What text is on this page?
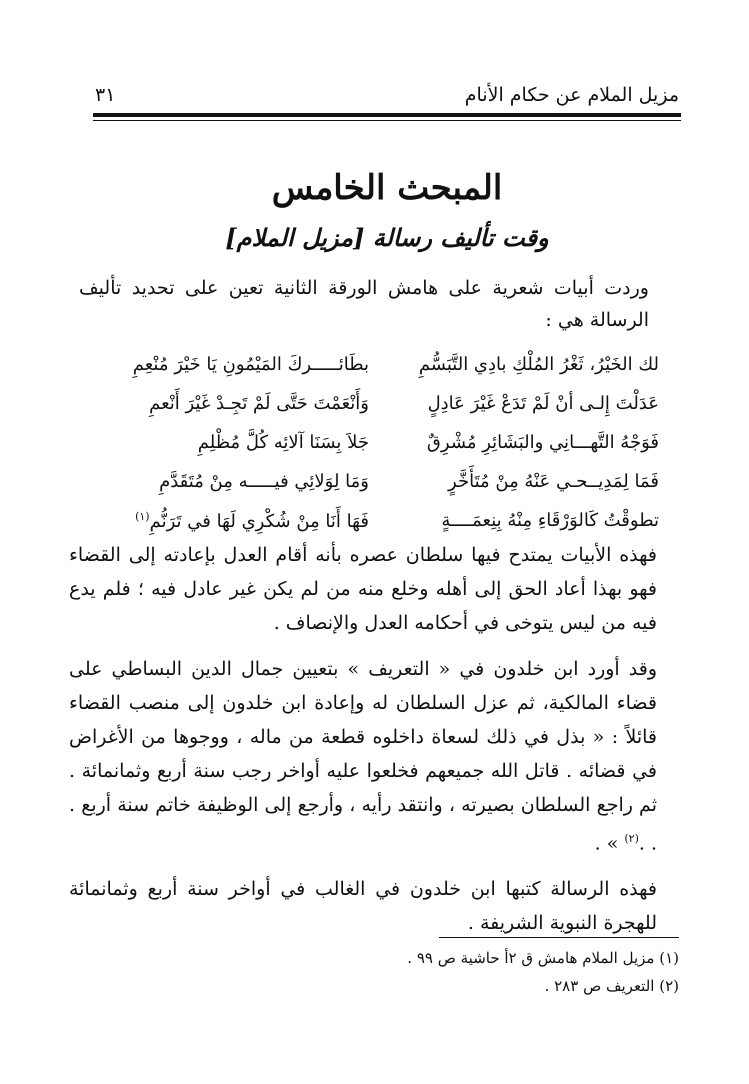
مزيل الملام عن حكام الأنام
٣١
المبحث الخامس
وقت تأليف رسالة [مزيل الملام]

وردت أبيات شعرية على هامش الورقة الثانية تعين على تحديد تأليف الرسالة هي :

لك الخَيْرُ، ثَغْرُ المُلْكِ بادِي التَّبَسُّمِ
بطَائـــــركَ المَيْمُونِ يَا خَيْرَ مُنْعِمِ
عَدَلْتَ إِلـى أنْ لَمْ تَدَعْ غَيْرَ عَادِلٍ
وَأَنْعَمْتَ حَتَّى لَمْ تَجِـدْ غَيْرَ أَنْعمِ
فَوَجْهُ التَّهـــانِي والبَشَائِرِ مُشْرِقٌ
جَلاَ بِسَنَا آلائِه كُلَّ مُظْلِمِ
فَمَا لِمَدِيــحـي عَنْهُ مِنْ مُتَأَخَّرٍ
وَمَا لِوَلائِي فيـــــه مِنْ مُتَقَدَّمِ
تطوقْتُ كَالوَرْقَاءِ مِنْهُ بِنِعمَــــةٍ
فَهَا أَنَا مِنْ شُكْرِي لَهَا في تَرَنُّمِ$^{(١)}$

فهذه الأبيات يمتدح فيها سلطان عصره بأنه أقام العدل بإعادته إلى القضاء فهو بهذا أعاد الحق إلى أهله وخلع منه من لم يكن غير عادل فيه ؛ فلم يدع فيه من ليس يتوخى في أحكامه العدل والإنصاف .

وقد أورد ابن خلدون في « التعريف » بتعيين جمال الدين البساطي على قضاء المالكية، ثم عزل السلطان له وإعادة ابن خلدون إلى منصب القضاء قائلاً : « بذل في ذلك لسعاة داخلوه قطعة من ماله ، ووجوها من الأغراض في قضائه . قاتل الله جميعهم فخلعوا عليه أواخر رجب سنة أربع وثمانمائة . ثم راجع السلطان بصيرته ، وانتقد رأيه ، وأرجع إلى الوظيفة خاتم سنة أربع . . .$^{(٢)}$ » .

فهذه الرسالة كتبها ابن خلدون في الغالب في أواخر سنة أربع وثمانمائة للهجرة النبوية الشريفة .

(١) مزيل الملام هامش ق ٢أ حاشية ص ٩٩ .
(٢) التعريف ص ٢٨٣ .
